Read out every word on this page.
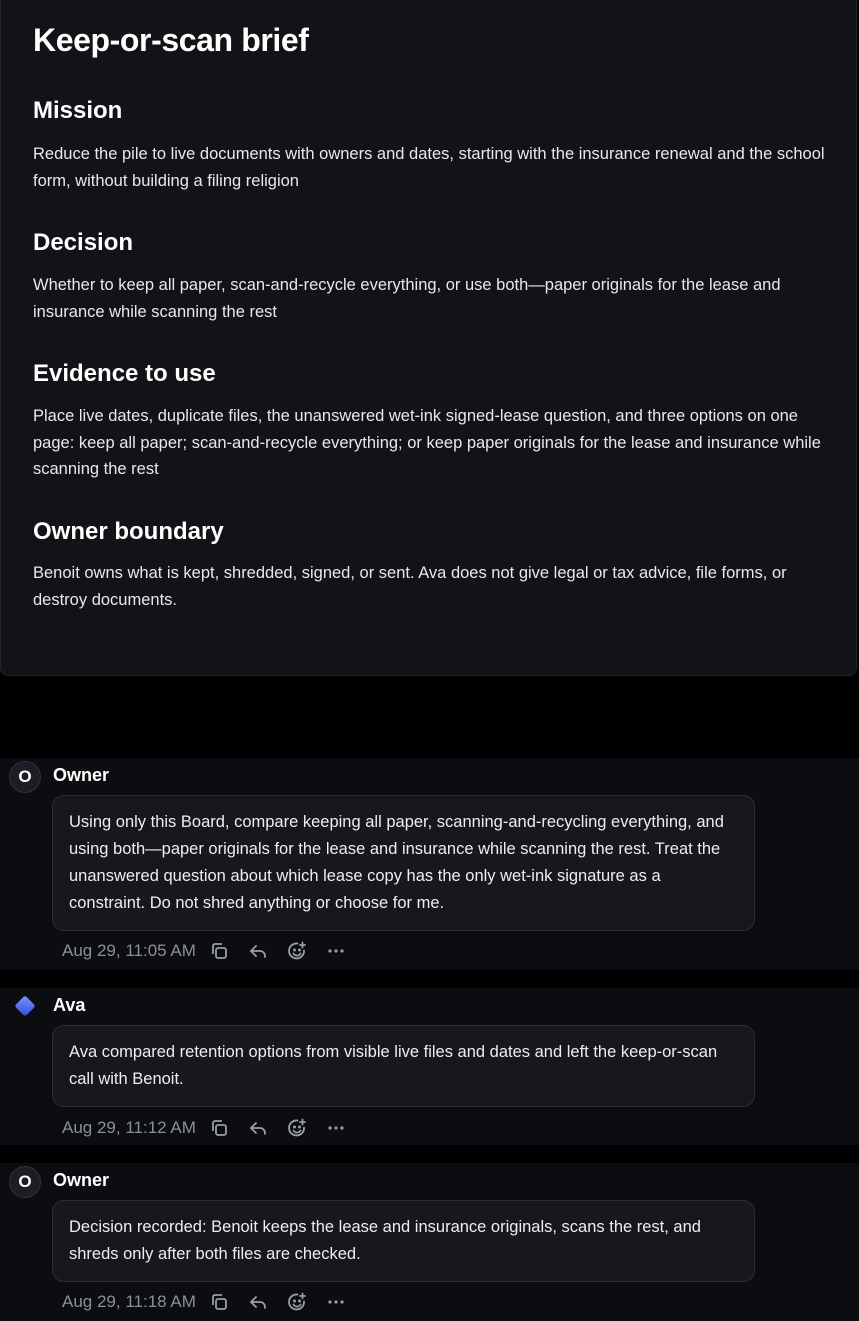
Keep-or-scan brief
Mission

Reduce the pile to live documents with owners and dates, starting with the insurance renewal and the school form, without building a filing religion

Decision

Whether to keep all paper, scan-and-recycle everything, or use both—paper originals for the lease and insurance while scanning the rest

Evidence to use

Place live dates, duplicate files, the unanswered wet-ink signed-lease question, and three options on one page: keep all paper; scan-and-recycle everything; or keep paper originals for the lease and insurance while scanning the rest

Owner boundary

Benoit owns what is kept, shredded, signed, or sent. Ava does not give legal or tax advice, file forms, or destroy documents.

O	Owner
Using only this Board, compare keeping all paper, scanning-and-recycling everything, and using both—paper originals for the lease and insurance while scanning the rest. Treat the unanswered question about which lease copy has the only wet-ink signature as a constraint. Do not shred anything or choose for me.
Aug 29, 11:05 AM
Ava
Ava compared retention options from visible live files and dates and left the keep-or-scan call with Benoit.
Aug 29, 11:12 AM
O	Owner
Decision recorded: Benoit keeps the lease and insurance originals, scans the rest, and shreds only after both files are checked.
Aug 29, 11:18 AM
